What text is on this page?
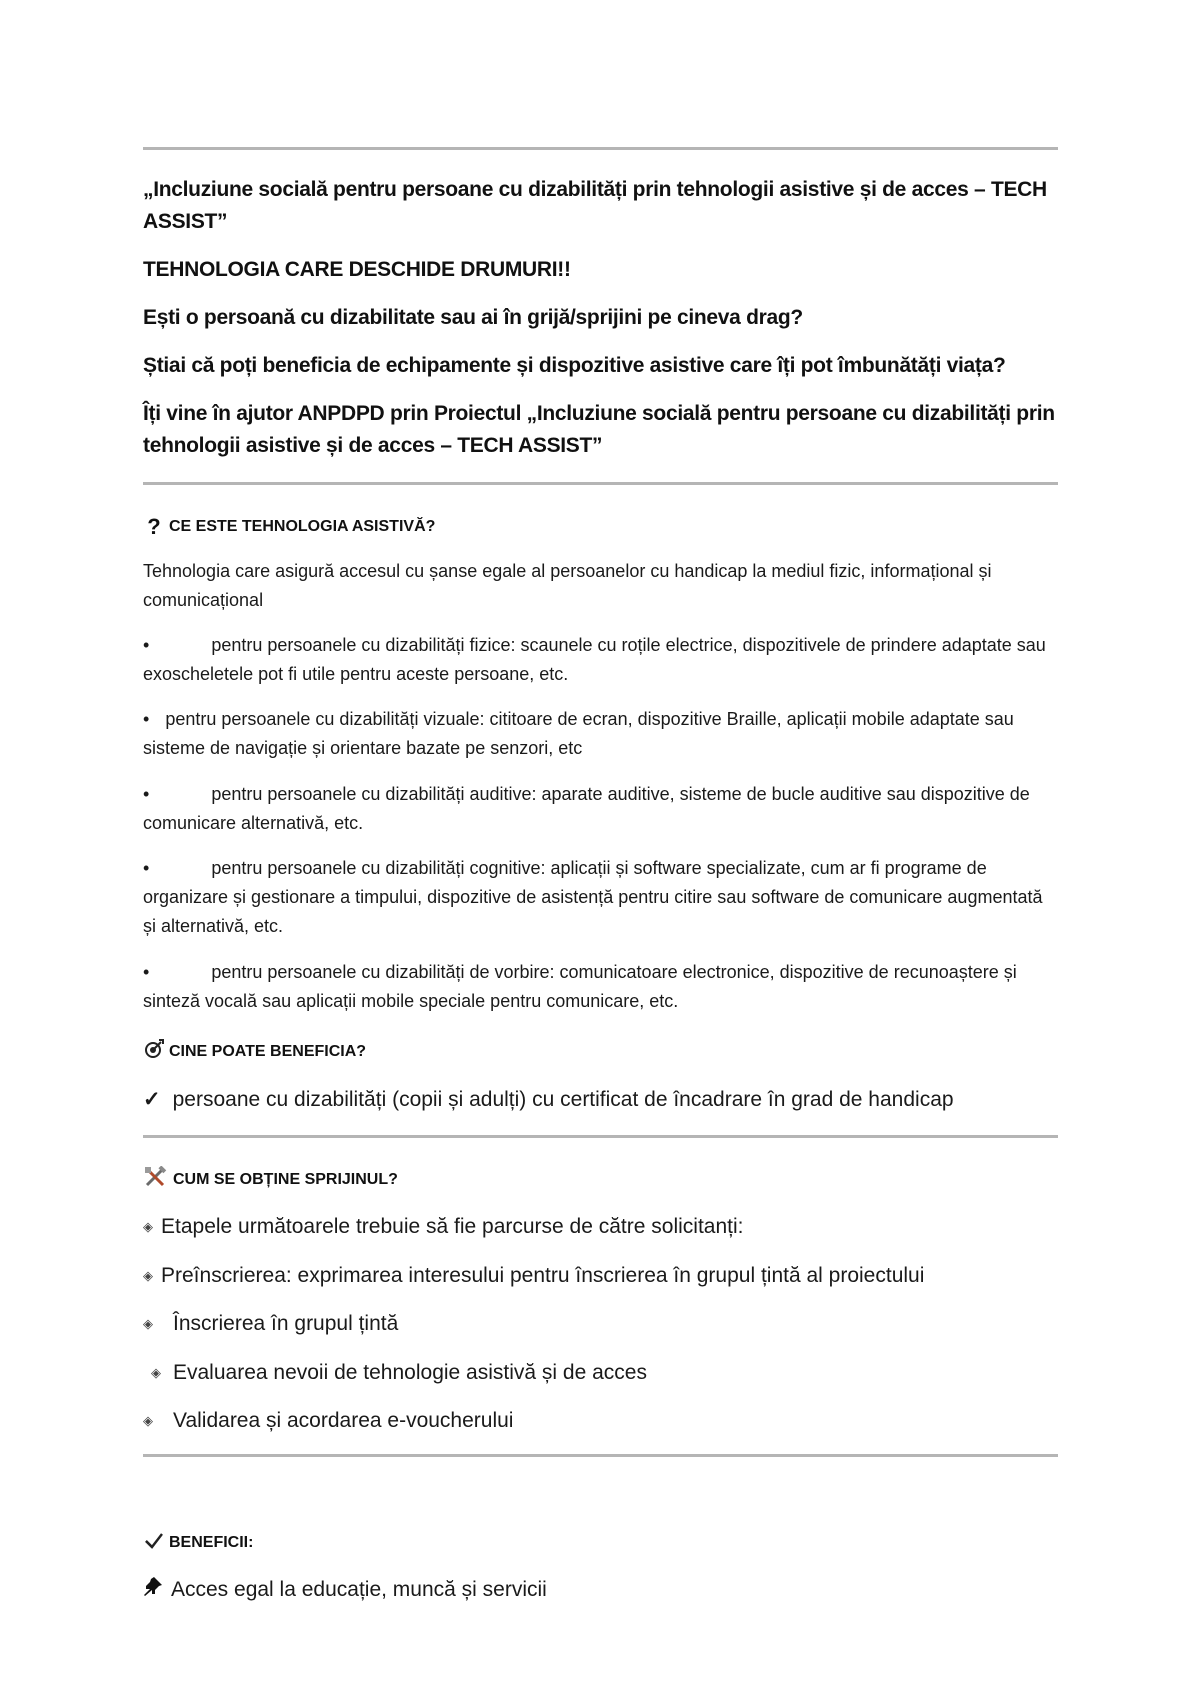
„Incluziune socială pentru persoane cu dizabilități prin tehnologii asistive și de acces – TECH ASSIST”
TEHNOLOGIA CARE DESCHIDE DRUMURI!!
Ești o persoană cu dizabilitate sau ai în grijă/sprijini pe cineva drag?
Știai că poți beneficia de echipamente și dispozitive asistive care îți pot îmbunătăți viața?
Îți vine în ajutor ANPDPD prin Proiectul „Incluziune socială pentru persoane cu dizabilități prin tehnologii asistive și de acces – TECH ASSIST”
? CE ESTE TEHNOLOGIA ASISTIVĂ?
Tehnologia care asigură accesul cu șanse egale al persoanelor cu handicap la mediul fizic, informațional și comunicațional
•	pentru persoanele cu dizabilități fizice: scaunele cu roțile electrice, dispozitivele de prindere adaptate sau exoscheletele pot fi utile pentru aceste persoane, etc.
• pentru persoanele cu dizabilități vizuale: cititoare de ecran, dispozitive Braille, aplicații mobile adaptate sau sisteme de navigație și orientare bazate pe senzori, etc
•	pentru persoanele cu dizabilități auditive: aparate auditive, sisteme de bucle auditive sau dispozitive de comunicare alternativă, etc.
•	pentru persoanele cu dizabilități cognitive: aplicații și software specializate, cum ar fi programe de organizare și gestionare a timpului, dispozitive de asistență pentru citire sau software de comunicare augmentată și alternativă, etc.
•	pentru persoanele cu dizabilități de vorbire: comunicatoare electronice, dispozitive de recunoaștere și sinteză vocală sau aplicații mobile speciale pentru comunicare, etc.
CINE POATE BENEFICIA?
✓ persoane cu dizabilități (copii și adulți) cu certificat de încadrare în grad de handicap
CUM SE OBȚINE SPRIJINUL?
◈ Etapele următoarele trebuie să fie parcurse de către solicitanți:
◈ Preînscrierea: exprimarea interesului pentru înscrierea în grupul țintă al proiectului
◈ Înscrierea în grupul țintă
◈ Evaluarea nevoii de tehnologie asistivă și de acces
◈ Validarea și acordarea e-voucherului
BENEFICII:
Acces egal la educație, muncă și servicii
